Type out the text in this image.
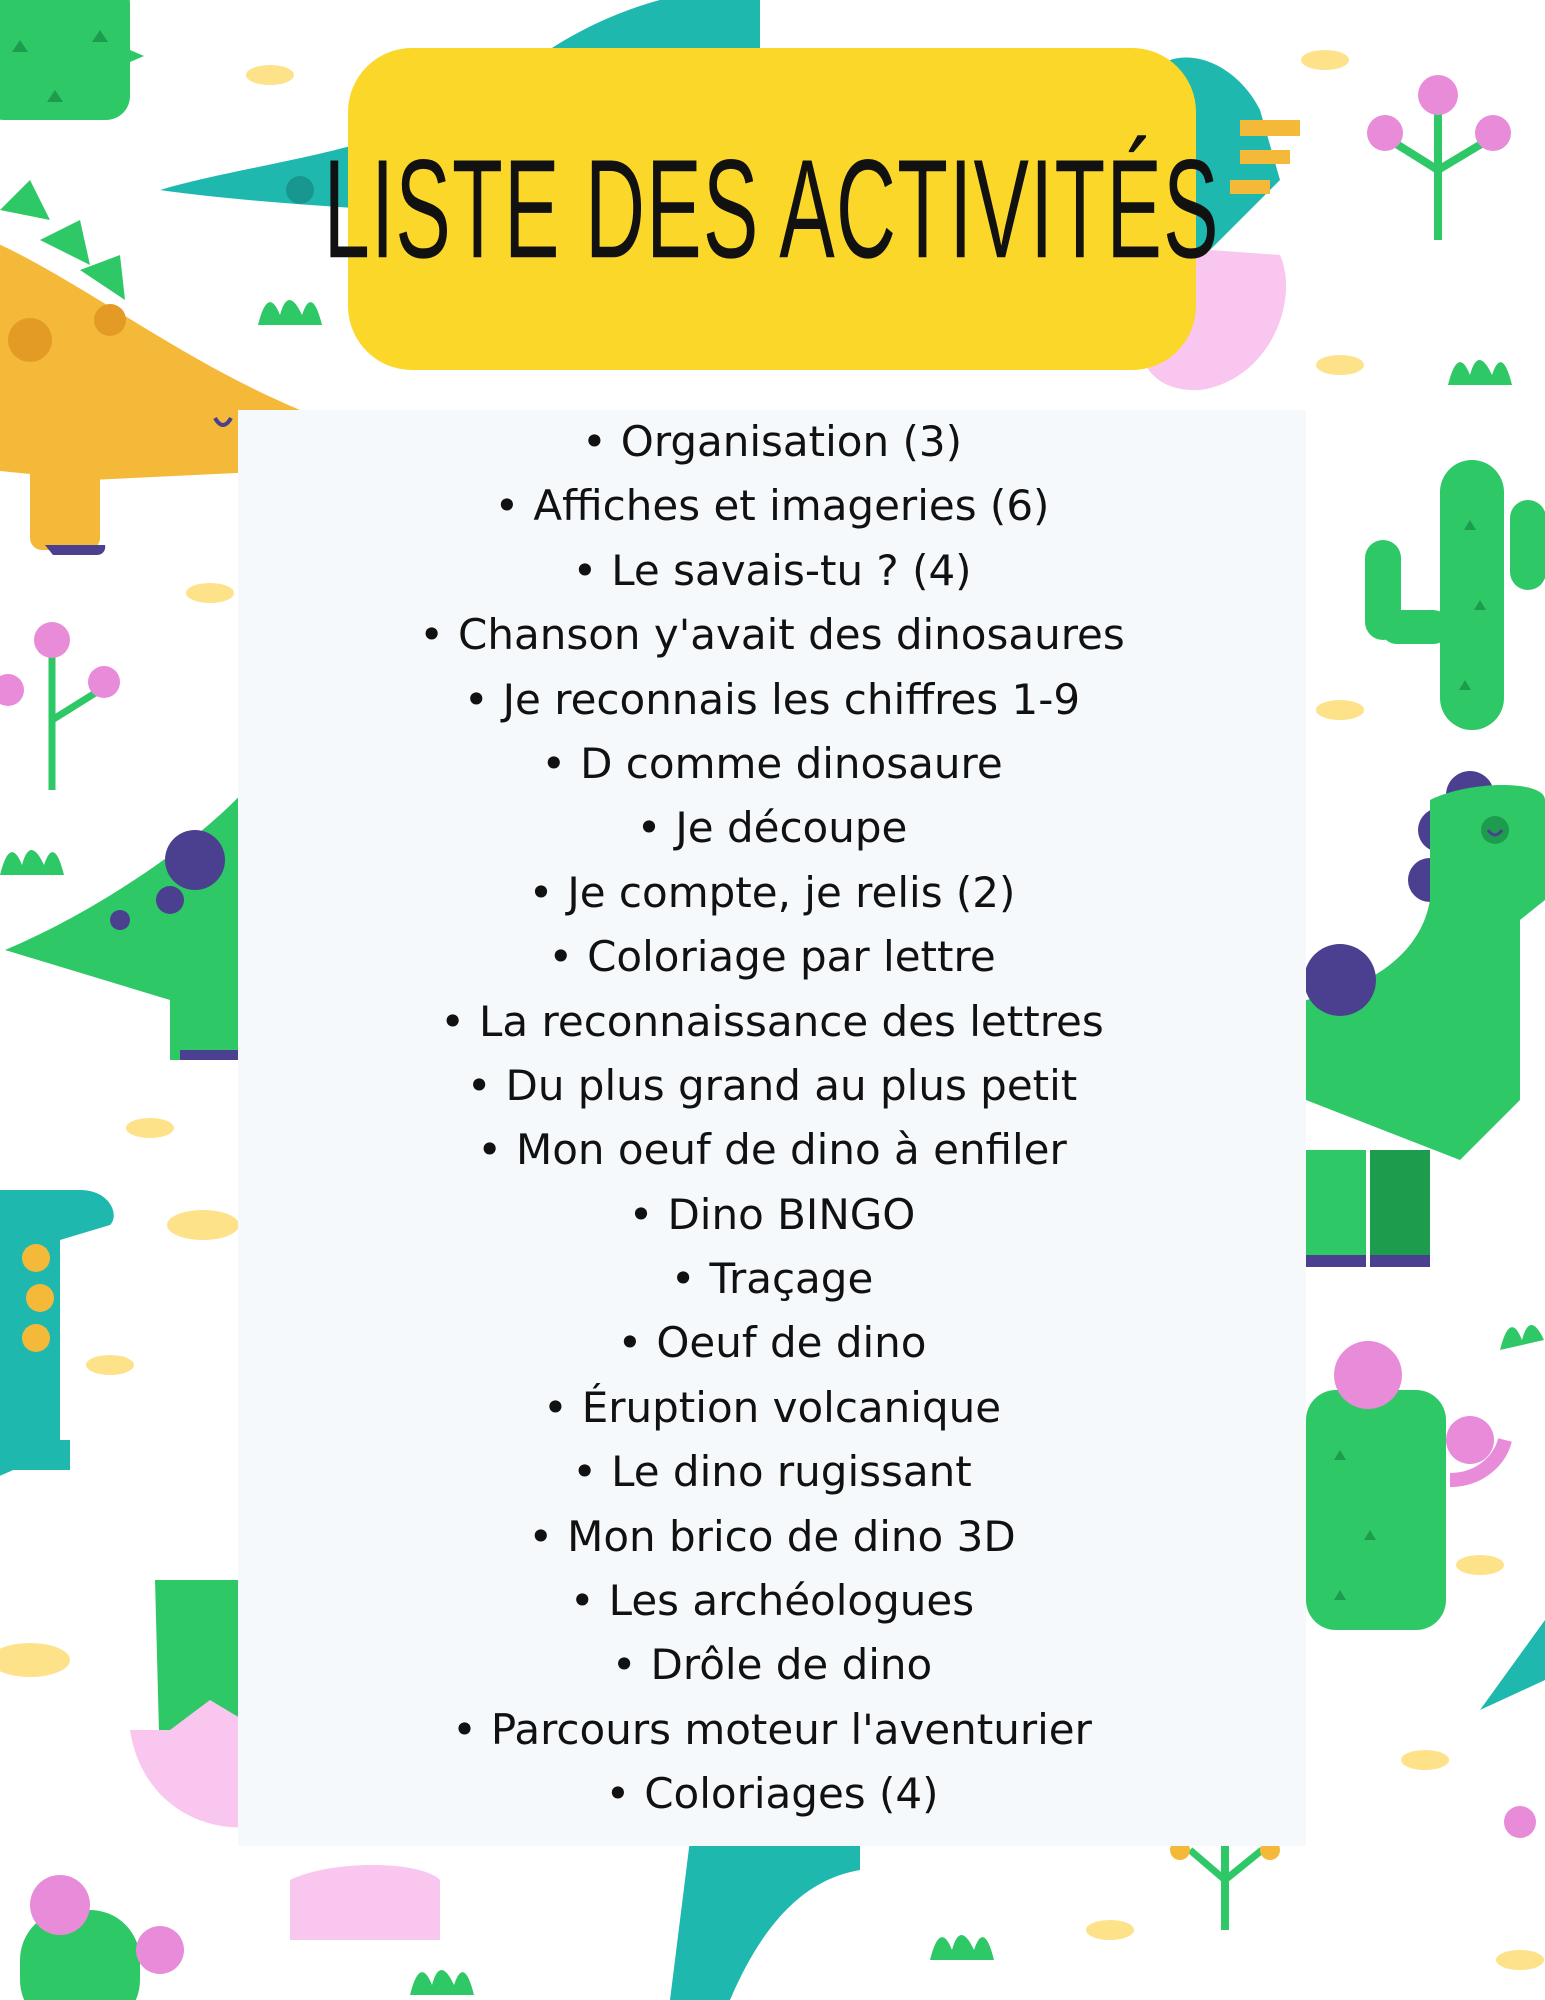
LISTE DES ACTIVITÉS
• Organisation (3)
• Affiches et imageries (6)
• Le savais-tu ? (4)
• Chanson y'avait des dinosaures
• Je reconnais les chiffres 1-9
• D comme dinosaure
• Je découpe
• Je compte, je relis (2)
• Coloriage par lettre
• La reconnaissance des lettres
• Du plus grand au plus petit
• Mon oeuf de dino à enfiler
• Dino BINGO
• Traçage
• Oeuf de dino
• Éruption volcanique
• Le dino rugissant
• Mon brico de dino 3D
• Les archéologues
• Drôle de dino
• Parcours moteur l'aventurier
• Coloriages (4)
